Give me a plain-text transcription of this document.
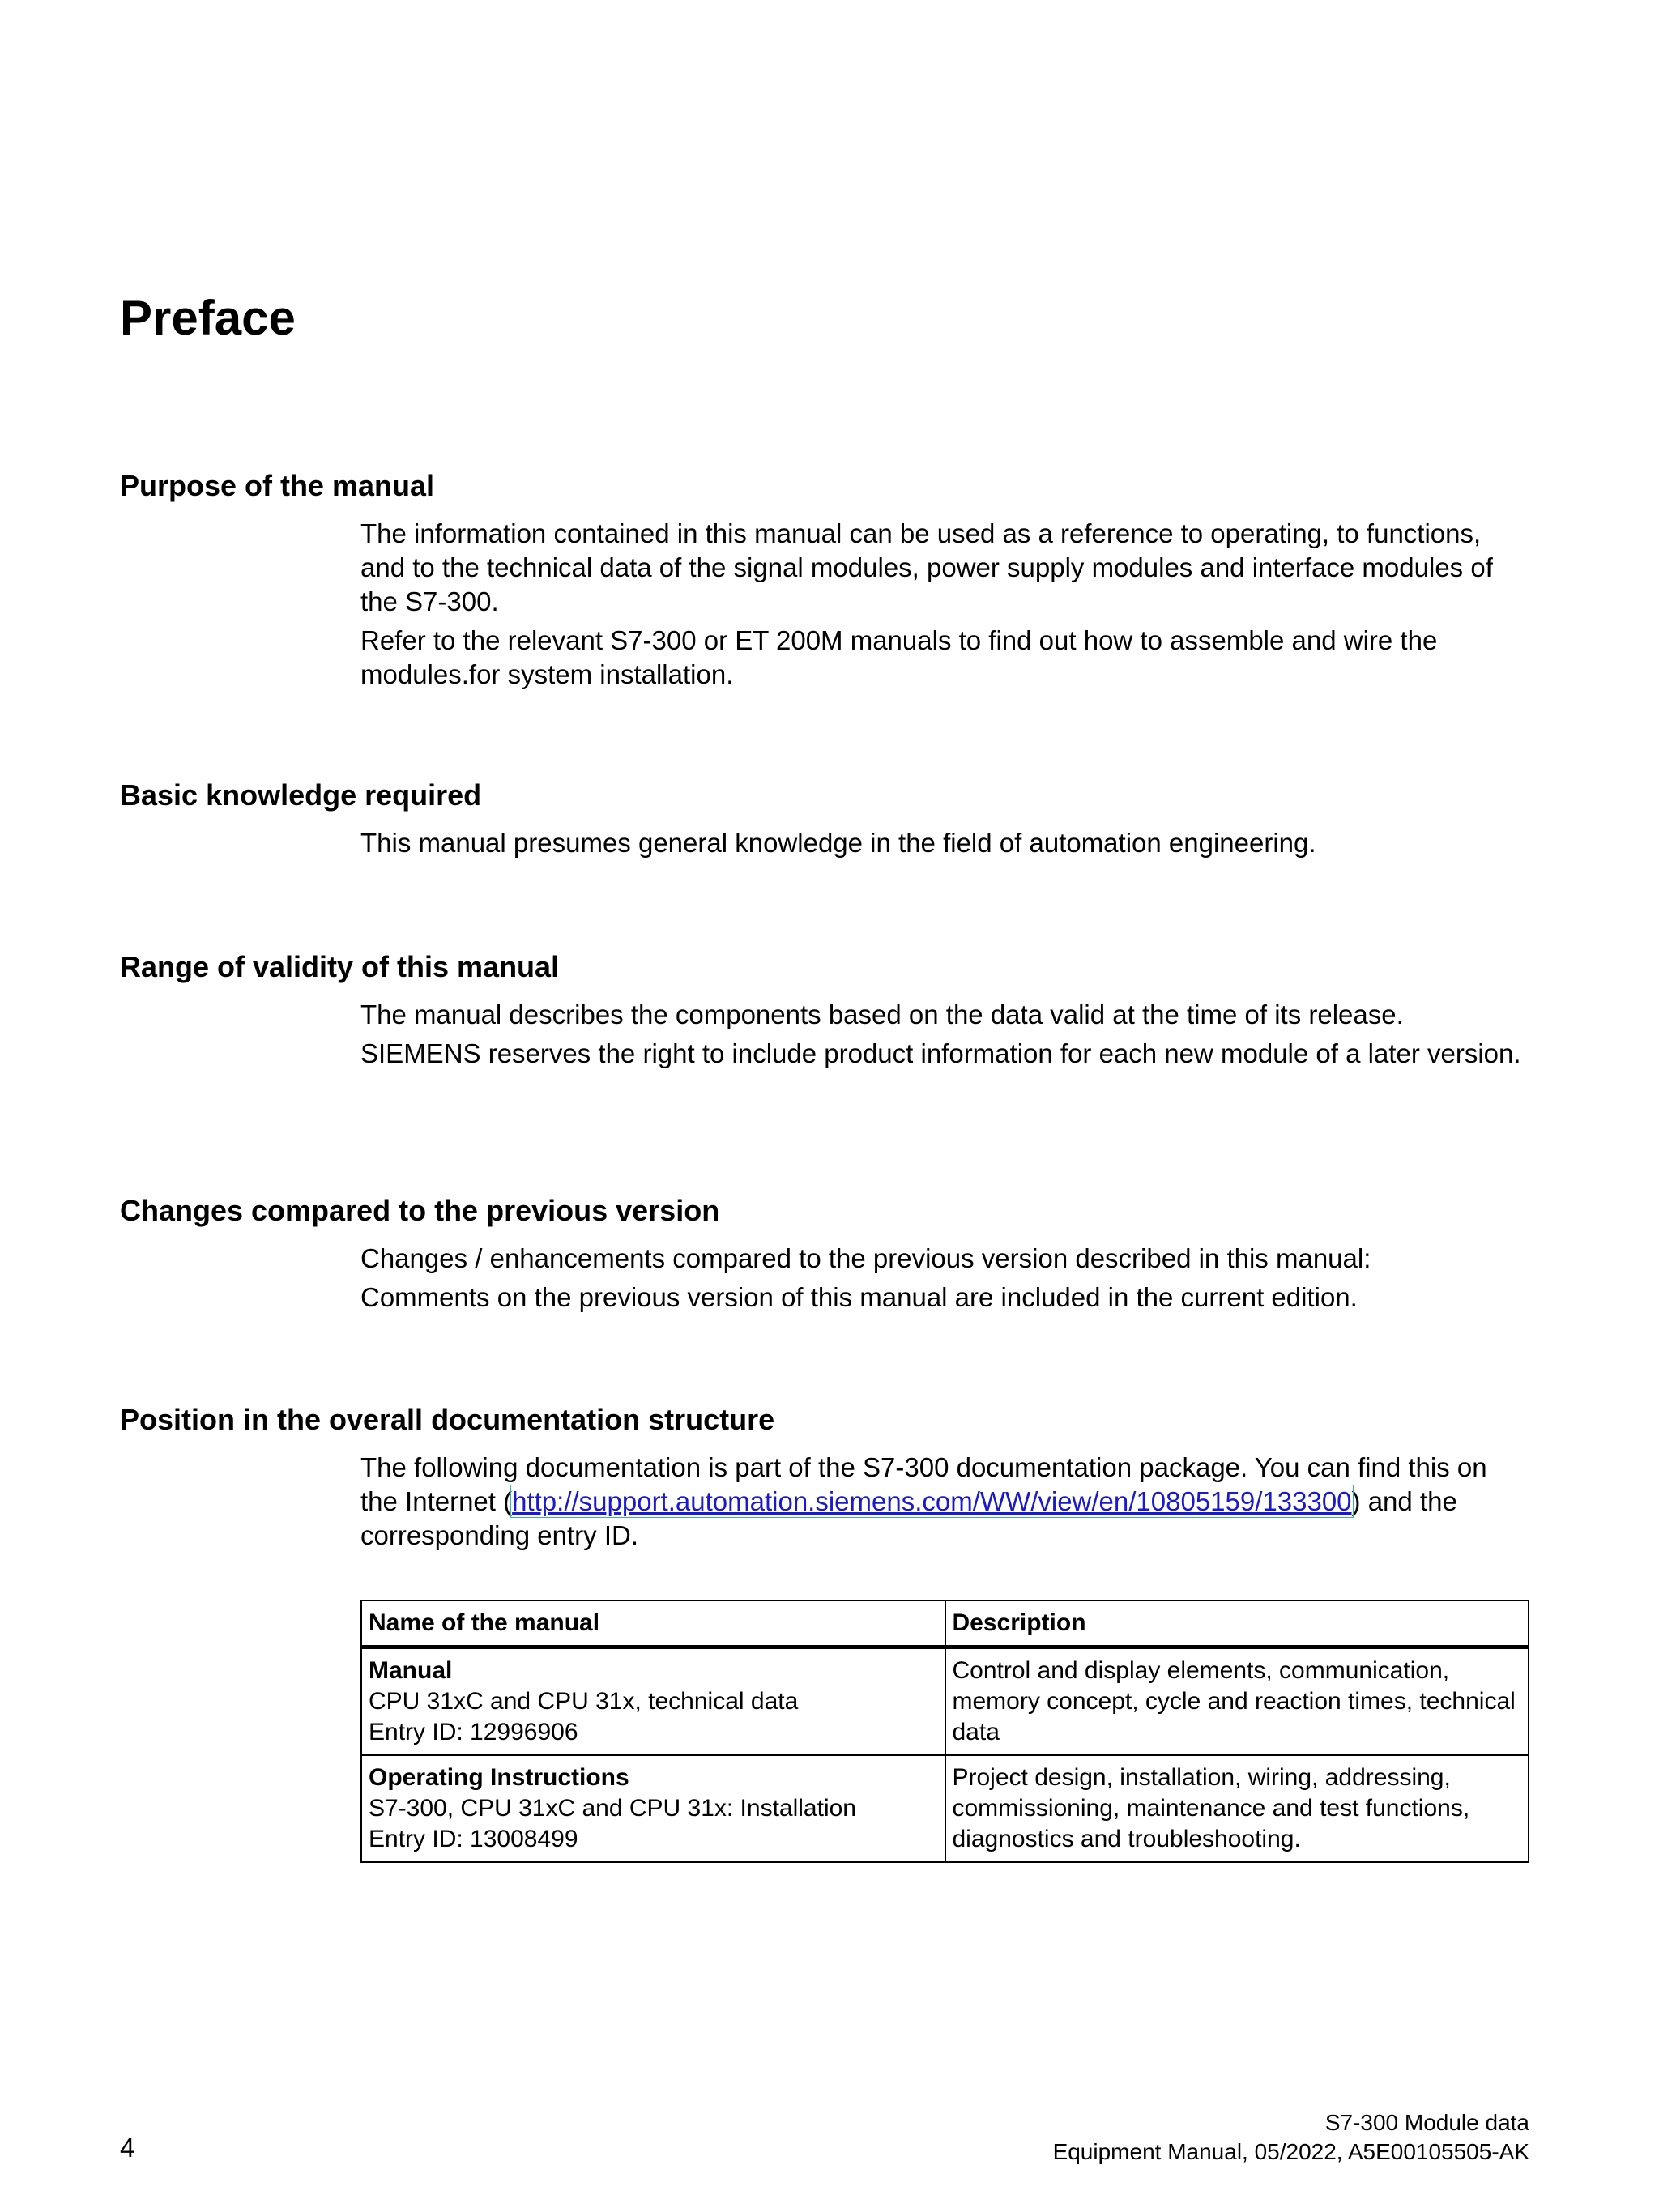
Preface
Purpose of the manual

The information contained in this manual can be used as a reference to operating, to functions, and to the technical data of the signal modules, power supply modules and interface modules of the S7-300.

Refer to the relevant S7-300 or ET 200M manuals to find out how to assemble and wire the modules.for system installation.

Basic knowledge required

This manual presumes general knowledge in the field of automation engineering.

Range of validity of this manual

The manual describes the components based on the data valid at the time of its release.

SIEMENS reserves the right to include product information for each new module of a later version.

Changes compared to the previous version

Changes / enhancements compared to the previous version described in this manual:

Comments on the previous version of this manual are included in the current edition.

Position in the overall documentation structure

The following documentation is part of the S7-300 documentation package. You can find this on the Internet (http://support.automation.siemens.com/WW/view/en/10805159/133300) and the corresponding entry ID.

Name of the manual	Description

Manual
CPU 31xC and CPU 31x, technical data
Entry ID: 12996906	Control and display elements, communication, memory concept, cycle and reaction times, technical data

Operating Instructions
S7-300, CPU 31xC and CPU 31x: Installation
Entry ID: 13008499	Project design, installation, wiring, addressing, commissioning, maintenance and test functions, diagnostics and troubleshooting.
4
S7-300 Module data
Equipment Manual, 05/2022, A5E00105505-AK
